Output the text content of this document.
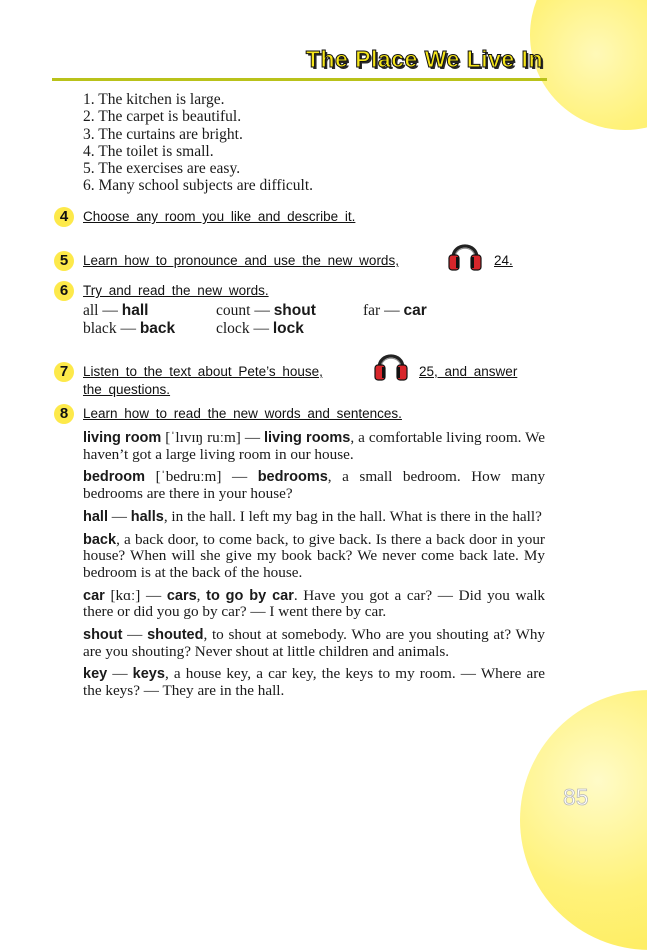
The Place We Live In
1. The kitchen is large.
2. The carpet is beautiful.
3. The curtains are bright.
4. The toilet is small.
5. The exercises are easy.
6. Many school subjects are difficult.
4	Choose any room you like and describe it.
5	Learn how to pronounce and use the new words,	24.
6	Try and read the new words.
all — hall	count — shout	far — car
black — back	clock — lock
7	Listen to the text about Pete’s house,	25, and answer
the questions.
8	Learn how to read the new words and sentences.

living room [ˈlɪvɪŋ ruːm] — living rooms, a comfortable living room. We haven’t got a large living room in our house.

bedroom [ˈbedruːm] — bedrooms, a small bedroom. How many bedrooms are there in your house?

hall — halls, in the hall. I left my bag in the hall. What is there in the hall?

back, a back door, to come back, to give back. Is there a back door in your house? When will she give my book back? We never come back late. My bedroom is at the back of the house.

car [kɑː] — cars, to go by car. Have you got a car? — Did you walk there or did you go by car? — I went there by car.

shout — shouted, to shout at somebody. Who are you shouting at? Why are you shouting? Never shout at little children and animals.

key — keys, a house key, a car key, the keys to my room. — Where are the keys? — They are in the hall.

85
